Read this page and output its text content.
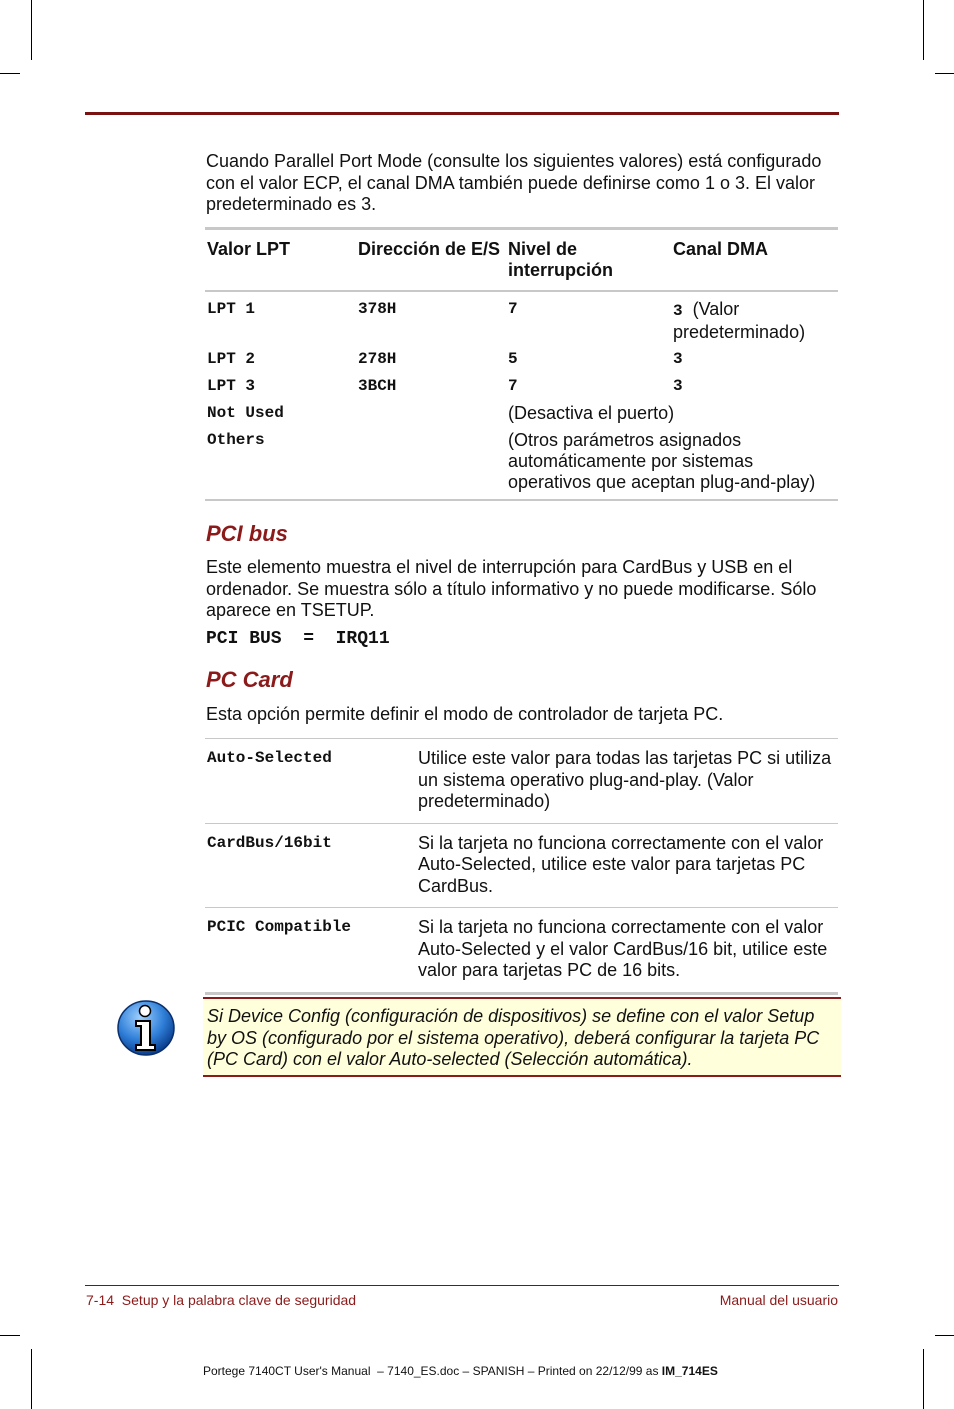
Cuando Parallel Port Mode (consulte los siguientes valores) está configurado con el valor ECP, el canal DMA también puede definirse como 1 o 3. El valor predeterminado es 3.

Valor LPT	Dirección de E/S	Nivel de interrupción	Canal DMA
LPT 1	378H	7	3 (Valor predeterminado)
LPT 2	278H	5	3
LPT 3	3BCH	7	3
Not Used		(Desactiva el puerto)	
Others		(Otros parámetros asignados automáticamente por sistemas operativos que aceptan plug-and-play)	
PCI bus

Este elemento muestra el nivel de interrupción para CardBus y USB en el ordenador. Se muestra sólo a título informativo y no puede modificarse. Sólo aparece en TSETUP.

PCI BUS  =  IRQ11

PC Card

Esta opción permite definir el modo de controlador de tarjeta PC.

Auto-Selected	Utilice este valor para todas las tarjetas PC si utiliza un sistema operativo plug-and-play. (Valor predeterminado)
CardBus/16bit	Si la tarjeta no funciona correctamente con el valor Auto-Selected, utilice este valor para tarjetas PC CardBus.
PCIC Compatible	Si la tarjeta no funciona correctamente con el valor Auto-Selected y el valor CardBus/16 bit, utilice este valor para tarjetas PC de 16 bits.

Si Device Config (configuración de dispositivos) se define con el valor Setup by OS (configurado por el sistema operativo), deberá configurar la tarjeta PC (PC Card) con el valor Auto-selected (Selección automática).

7-14  Setup y la palabra clave de seguridad	Manual del usuario
Portege 7140CT User's Manual  – 7140_ES.doc – SPANISH – Printed on 22/12/99 as IM_714ES
